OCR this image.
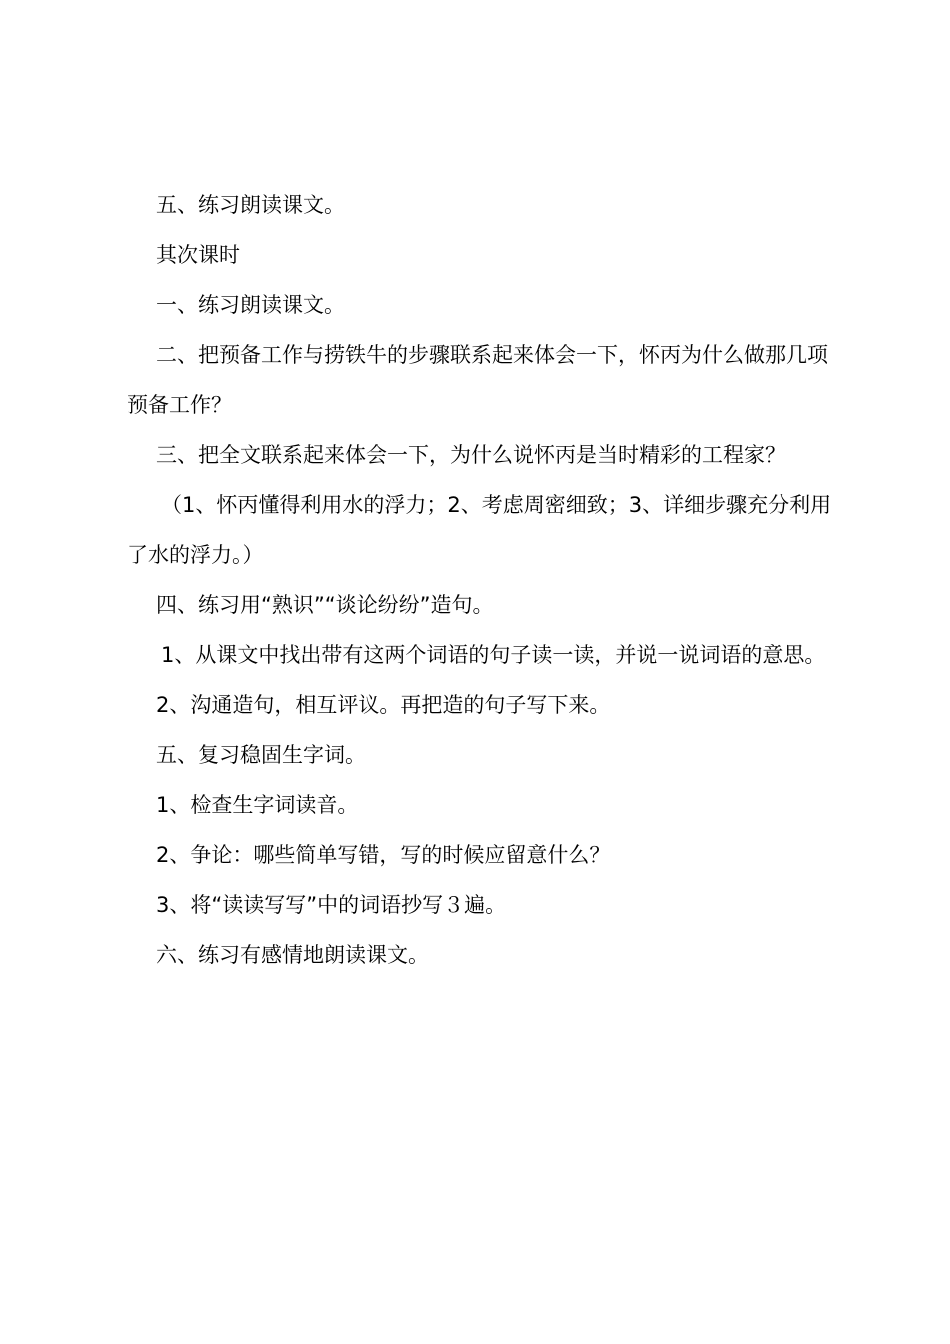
五、练习朗读课文。

其次课时

一、练习朗读课文。

二、把预备工作与捞铁牛的步骤联系起来体会一下，怀丙为什么做那几项预备工作？

三、把全文联系起来体会一下，为什么说怀丙是当时精彩的工程家？

（1、怀丙懂得利用水的浮力；2、考虑周密细致；3、详细步骤充分利用了水的浮力。）

四、练习用“熟识”“谈论纷纷”造句。

1、从课文中找出带有这两个词语的句子读一读，并说一说词语的意思。

2、沟通造句，相互评议。再把造的句子写下来。

五、复习稳固生字词。

1、检查生字词读音。

2、争论：哪些简单写错，写的时候应留意什么？

3、将“读读写写”中的词语抄写３遍。

六、练习有感情地朗读课文。
